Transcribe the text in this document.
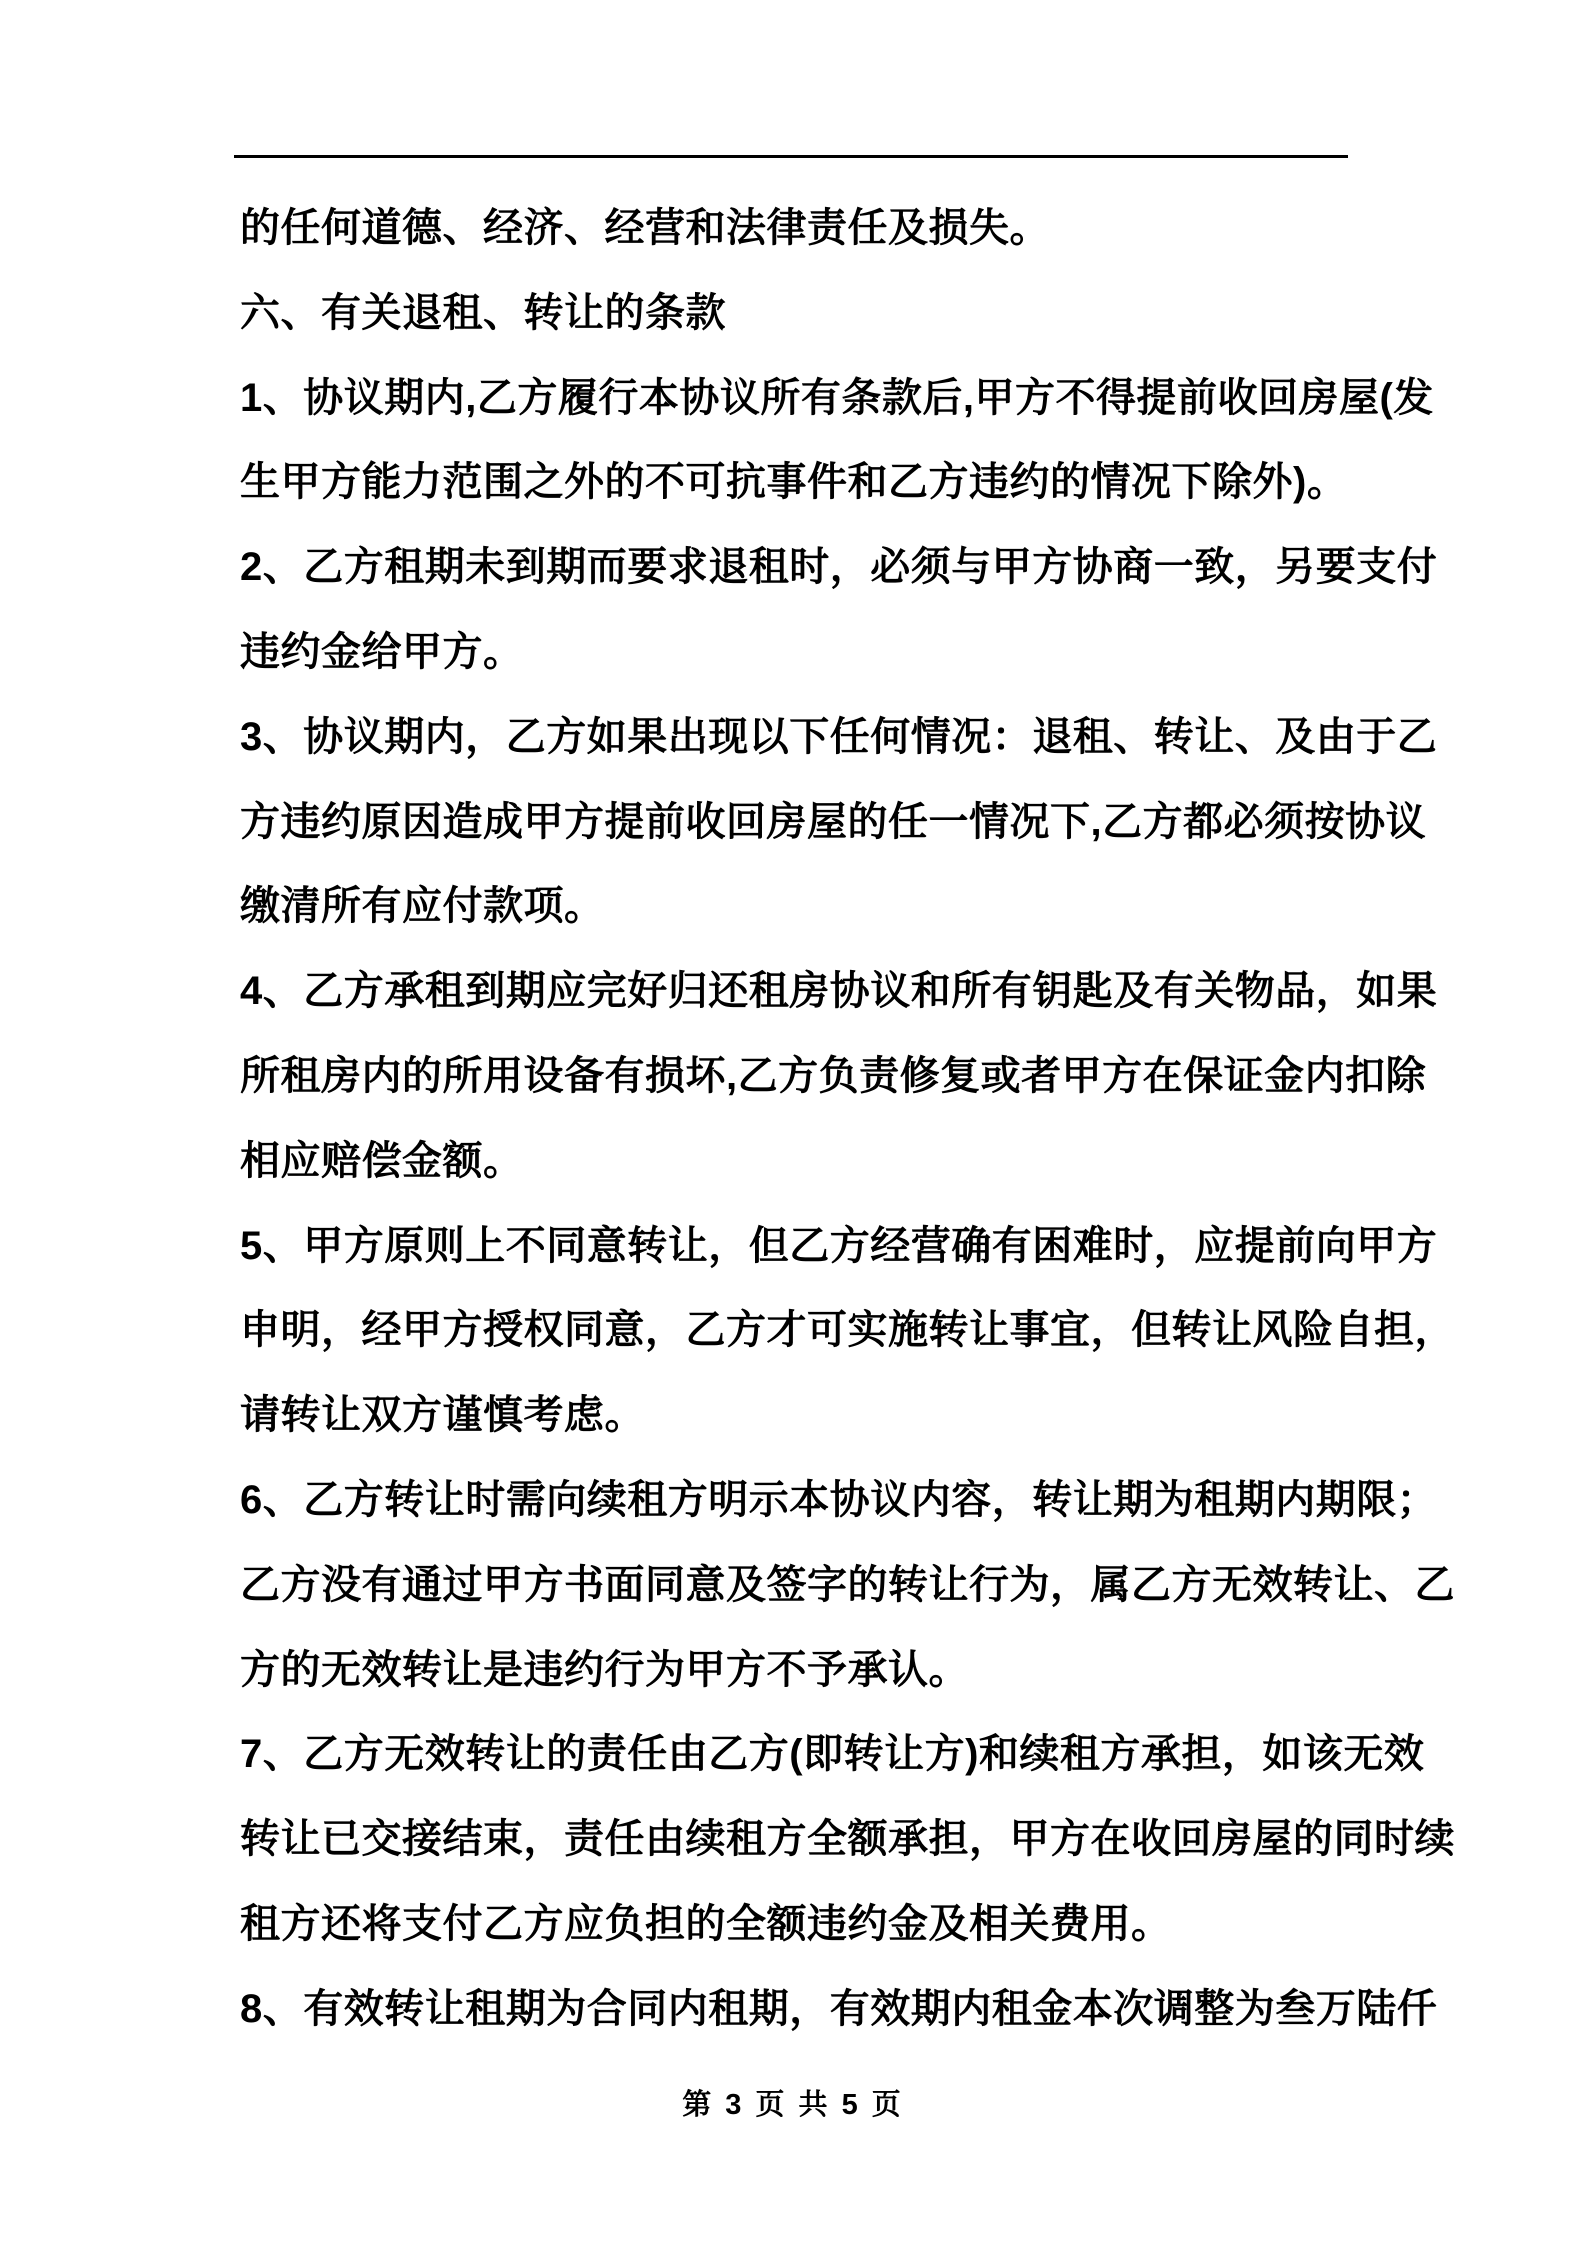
的任何道德、经济、经营和法律责任及损失。

六、有关退租、转让的条款

1、协议期内,乙方履行本协议所有条款后,甲方不得提前收回房屋(发

生甲方能力范围之外的不可抗事件和乙方违约的情况下除外)。

2、乙方租期未到期而要求退租时，必须与甲方协商一致，另要支付

违约金给甲方。

3、协议期内，乙方如果出现以下任何情况：退租、转让、及由于乙

方违约原因造成甲方提前收回房屋的任一情况下,乙方都必须按协议

缴清所有应付款项。

4、乙方承租到期应完好归还租房协议和所有钥匙及有关物品，如果

所租房内的所用设备有损坏,乙方负责修复或者甲方在保证金内扣除

相应赔偿金额。

5、甲方原则上不同意转让，但乙方经营确有困难时，应提前向甲方

申明，经甲方授权同意，乙方才可实施转让事宜，但转让风险自担，

请转让双方谨慎考虑。

6、乙方转让时需向续租方明示本协议内容，转让期为租期内期限；

乙方没有通过甲方书面同意及签字的转让行为，属乙方无效转让、乙

方的无效转让是违约行为甲方不予承认。

7、乙方无效转让的责任由乙方(即转让方)和续租方承担，如该无效

转让已交接结束，责任由续租方全额承担，甲方在收回房屋的同时续

租方还将支付乙方应负担的全额违约金及相关费用。

8、有效转让租期为合同内租期，有效期内租金本次调整为叁万陆仟

第 3 页 共 5 页
